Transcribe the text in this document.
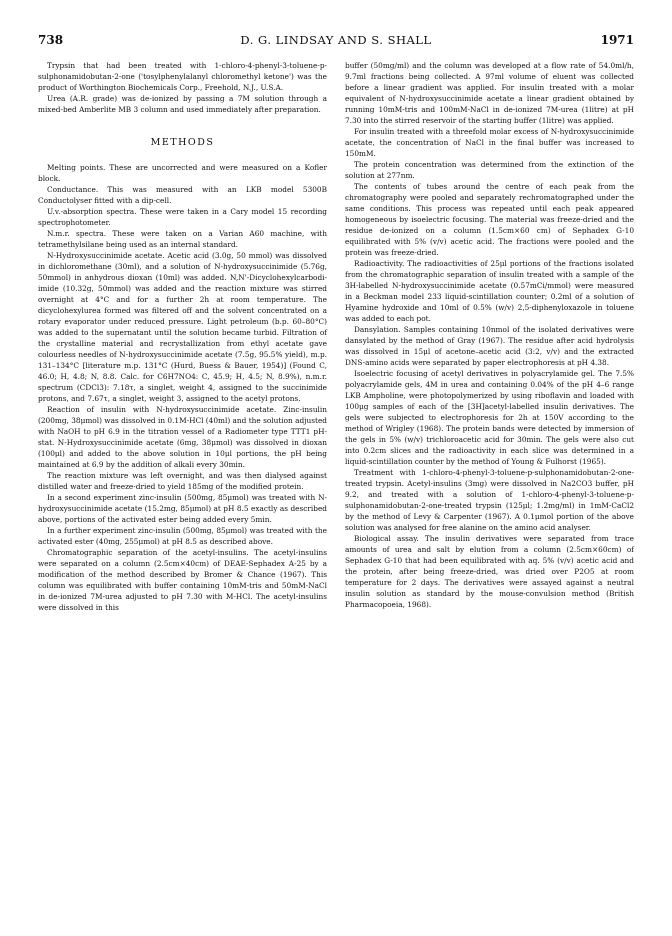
738	D. G. LINDSAY AND S. SHALL	1971

Trypsin that had been treated with 1-chloro-4-phenyl-3-toluene-p-sulphonamidobutan-2-one ('tosylphenylalanyl chloromethyl ketone') was the product of Worthington Biochemicals Corp., Freehold, N.J., U.S.A.

Urea (A.R. grade) was de-ionized by passing a 7M solution through a mixed-bed Amberlite MB 3 column and used immediately after preparation.

METHODS

Melting points. These are uncorrected and were measured on a Kofler block.

Conductance. This was measured with an LKB model 5300B Conductolyser fitted with a dip-cell.

U.v.-absorption spectra. These were taken in a Cary model 15 recording spectrophotometer.

N.m.r. spectra. These were taken on a Varian A60 machine, with tetramethylsilane being used as an internal standard.

N-Hydroxysuccinimide acetate. Acetic acid (3.0g, 50 mmol) was dissolved in dichloromethane (30ml), and a solution of N-hydroxysuccinimide (5.76g, 50mmol) in anhydrous dioxan (10ml) was added. N,N'-Dicyclohexylcarbodi-imide (10.32g, 50mmol) was added and the reaction mixture was stirred overnight at 4°C and for a further 2h at room temperature. The dicyclohexylurea formed was filtered off and the solvent concentrated on a rotary evaporator under reduced pressure. Light petroleum (b.p. 60–80°C) was added to the supernatant until the solution became turbid. Filtration of the crystalline material and recrystallization from ethyl acetate gave colourless needles of N-hydroxysuccinimide acetate (7.5g, 95.5% yield), m.p. 131–134°C [literature m.p. 131°C (Hurd, Buess & Bauer, 1954)] (Found C, 46.0; H, 4.8; N, 8.8. Calc. for C6H7NO4: C, 45.9; H, 4.5; N, 8.9%), n.m.r. spectrum (CDCl3): 7.18τ, a singlet, weight 4, assigned to the succinimide protons, and 7.67τ, a singlet, weight 3, assigned to the acetyl protons.

Reaction of insulin with N-hydroxysuccinimide acetate. Zinc-insulin (200mg, 38μmol) was dissolved in 0.1M-HCl (40ml) and the solution adjusted with NaOH to pH 6.9 in the titration vessel of a Radiometer type TTT1 pH-stat. N-Hydroxysuccinimide acetate (6mg, 38μmol) was dissolved in dioxan (100μl) and added to the above solution in 10μl portions, the pH being maintained at 6.9 by the addition of alkali every 30min.

The reaction mixture was left overnight, and was then dialysed against distilled water and freeze-dried to yield 185mg of the modified protein.

In a second experiment zinc-insulin (500mg, 85μmol) was treated with N-hydroxysuccinimide acetate (15.2mg, 85μmol) at pH 8.5 exactly as described above, portions of the activated ester being added every 5min.

In a further experiment zinc-insulin (500mg, 85μmol) was treated with the activated ester (40mg, 255μmol) at pH 8.5 as described above.

Chromatographic separation of the acetyl-insulins. The acetyl-insulins were separated on a column (2.5cm×40cm) of DEAE-Sephadex A-25 by a modification of the method described by Bromer & Chance (1967). This column was equilibrated with buffer containing 10mM-tris and 50mM-NaCl in de-ionized 7M-urea adjusted to pH 7.30 with M-HCl. The acetyl-insulins were dissolved in this

buffer (50mg/ml) and the column was developed at a flow rate of 54.0ml/h, 9.7ml fractions being collected. A 97ml volume of eluent was collected before a linear gradient was applied. For insulin treated with a molar equivalent of N-hydroxysuccinimide acetate a linear gradient obtained by running 10mM-tris and 100mM-NaCl in de-ionized 7M-urea (1litre) at pH 7.30 into the stirred reservoir of the starting buffer (1litre) was applied.

For insulin treated with a threefold molar excess of N-hydroxysuccinimide acetate, the concentration of NaCl in the final buffer was increased to 150mM.

The protein concentration was determined from the extinction of the solution at 277nm.

The contents of tubes around the centre of each peak from the chromatography were pooled and separately rechromatographed under the same conditions. This process was repeated until each peak appeared homogeneous by isoelectric focusing. The material was freeze-dried and the residue de-ionized on a column (1.5cm×60 cm) of Sephadex G-10 equilibrated with 5% (v/v) acetic acid. The fractions were pooled and the protein was freeze-dried.

Radioactivity. The radioactivities of 25μl portions of the fractions isolated from the chromatographic separation of insulin treated with a sample of the 3H-labelled N-hydroxysuccinimide acetate (0.57mCi/mmol) were measured in a Beckman model 233 liquid-scintillation counter; 0.2ml of a solution of Hyamine hydroxide and 10ml of 0.5% (w/v) 2,5-diphenyloxazole in toluene was added to each pot.

Dansylation. Samples containing 10nmol of the isolated derivatives were dansylated by the method of Gray (1967). The residue after acid hydrolysis was dissolved in 15μl of acetone–acetic acid (3:2, v/v) and the extracted DNS-amino acids were separated by paper electrophoresis at pH 4.38.

Isoelectric focusing of acetyl derivatives in polyacrylamide gel. The 7.5% polyacrylamide gels, 4M in urea and containing 0.04% of the pH 4–6 range LKB Ampholine, were photopolymerized by using riboflavin and loaded with 100μg samples of each of the [3H]acetyl-labelled insulin derivatives. The gels were subjected to electrophoresis for 2h at 150V according to the method of Wrigley (1968). The protein bands were detected by immersion of the gels in 5% (w/v) trichloroacetic acid for 30min. The gels were also cut into 0.2cm slices and the radioactivity in each slice was determined in a liquid-scintillation counter by the method of Young & Fulhorst (1965).

Treatment with 1-chloro-4-phenyl-3-toluene-p-sulphonamidobutan-2-one-treated trypsin. Acetyl-insulins (3mg) were dissolved in Na2CO3 buffer, pH 9.2, and treated with a solution of 1-chloro-4-phenyl-3-toluene-p-sulphonamidobutan-2-one-treated trypsin (125μl; 1.2mg/ml) in 1mM-CaCl2 by the method of Levy & Carpenter (1967). A 0.1μmol portion of the above solution was analysed for free alanine on the amino acid analyser.

Biological assay. The insulin derivatives were separated from trace amounts of urea and salt by elution from a column (2.5cm×60cm) of Sephadex G-10 that had been equilibrated with aq. 5% (v/v) acetic acid and the protein, after being freeze-dried, was dried over P2O5 at room temperature for 2 days. The derivatives were assayed against a neutral insulin solution as standard by the mouse-convulsion method (British Pharmacopoeia, 1968).
